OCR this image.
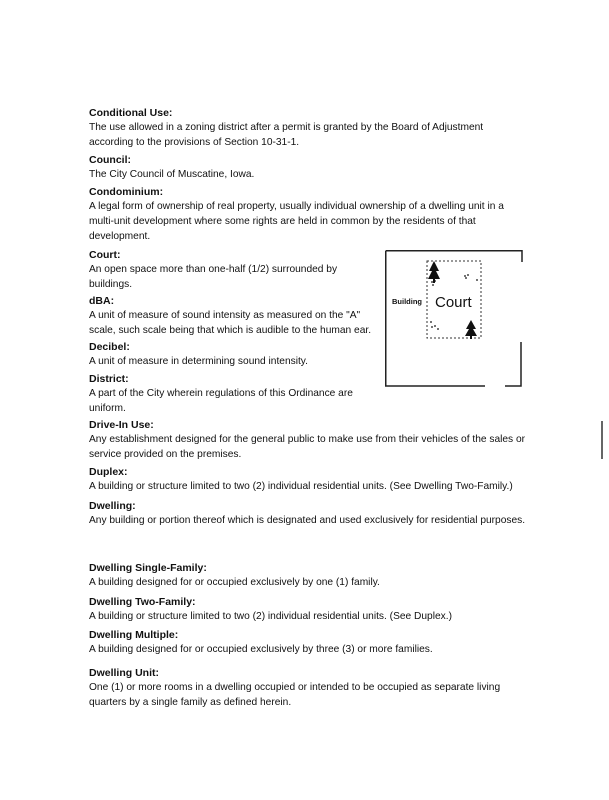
Conditional Use:

The use allowed in a zoning district after a permit is granted by the Board of Adjustment according to the provisions of Section 10-31-1.

Council:

The City Council of Muscatine, Iowa.

Condominium:

A legal form of ownership of real property, usually individual ownership of a dwelling unit in a multi-unit development where some rights are held in common by the residents of that development.

Court:

An open space more than one-half (1/2) surrounded by buildings.

dBA:

A unit of measure of sound intensity as measured on the "A" scale, such scale being that which is audible to the human ear.

Decibel:

A unit of measure in determining sound intensity.

District:

A part of the City wherein regulations of this Ordinance are uniform.

Drive-In Use:

Any establishment designed for the general public to make use from their vehicles of the sales or service provided on the premises.

Duplex:

A building or structure limited to two (2) individual residential units. (See Dwelling Two-Family.)

Dwelling:

Any building or portion thereof which is designated and used exclusively for residential purposes.

Dwelling Single-Family:

A building designed for or occupied exclusively by one (1) family.

Dwelling Two-Family:

A building or structure limited to two (2) individual residential units. (See Duplex.)

Dwelling Multiple:

A building designed for or occupied exclusively by three (3) or more families.

Dwelling Unit:

One (1) or more rooms in a dwelling occupied or intended to be occupied as separate living quarters by a single family as defined herein.

Building Court
